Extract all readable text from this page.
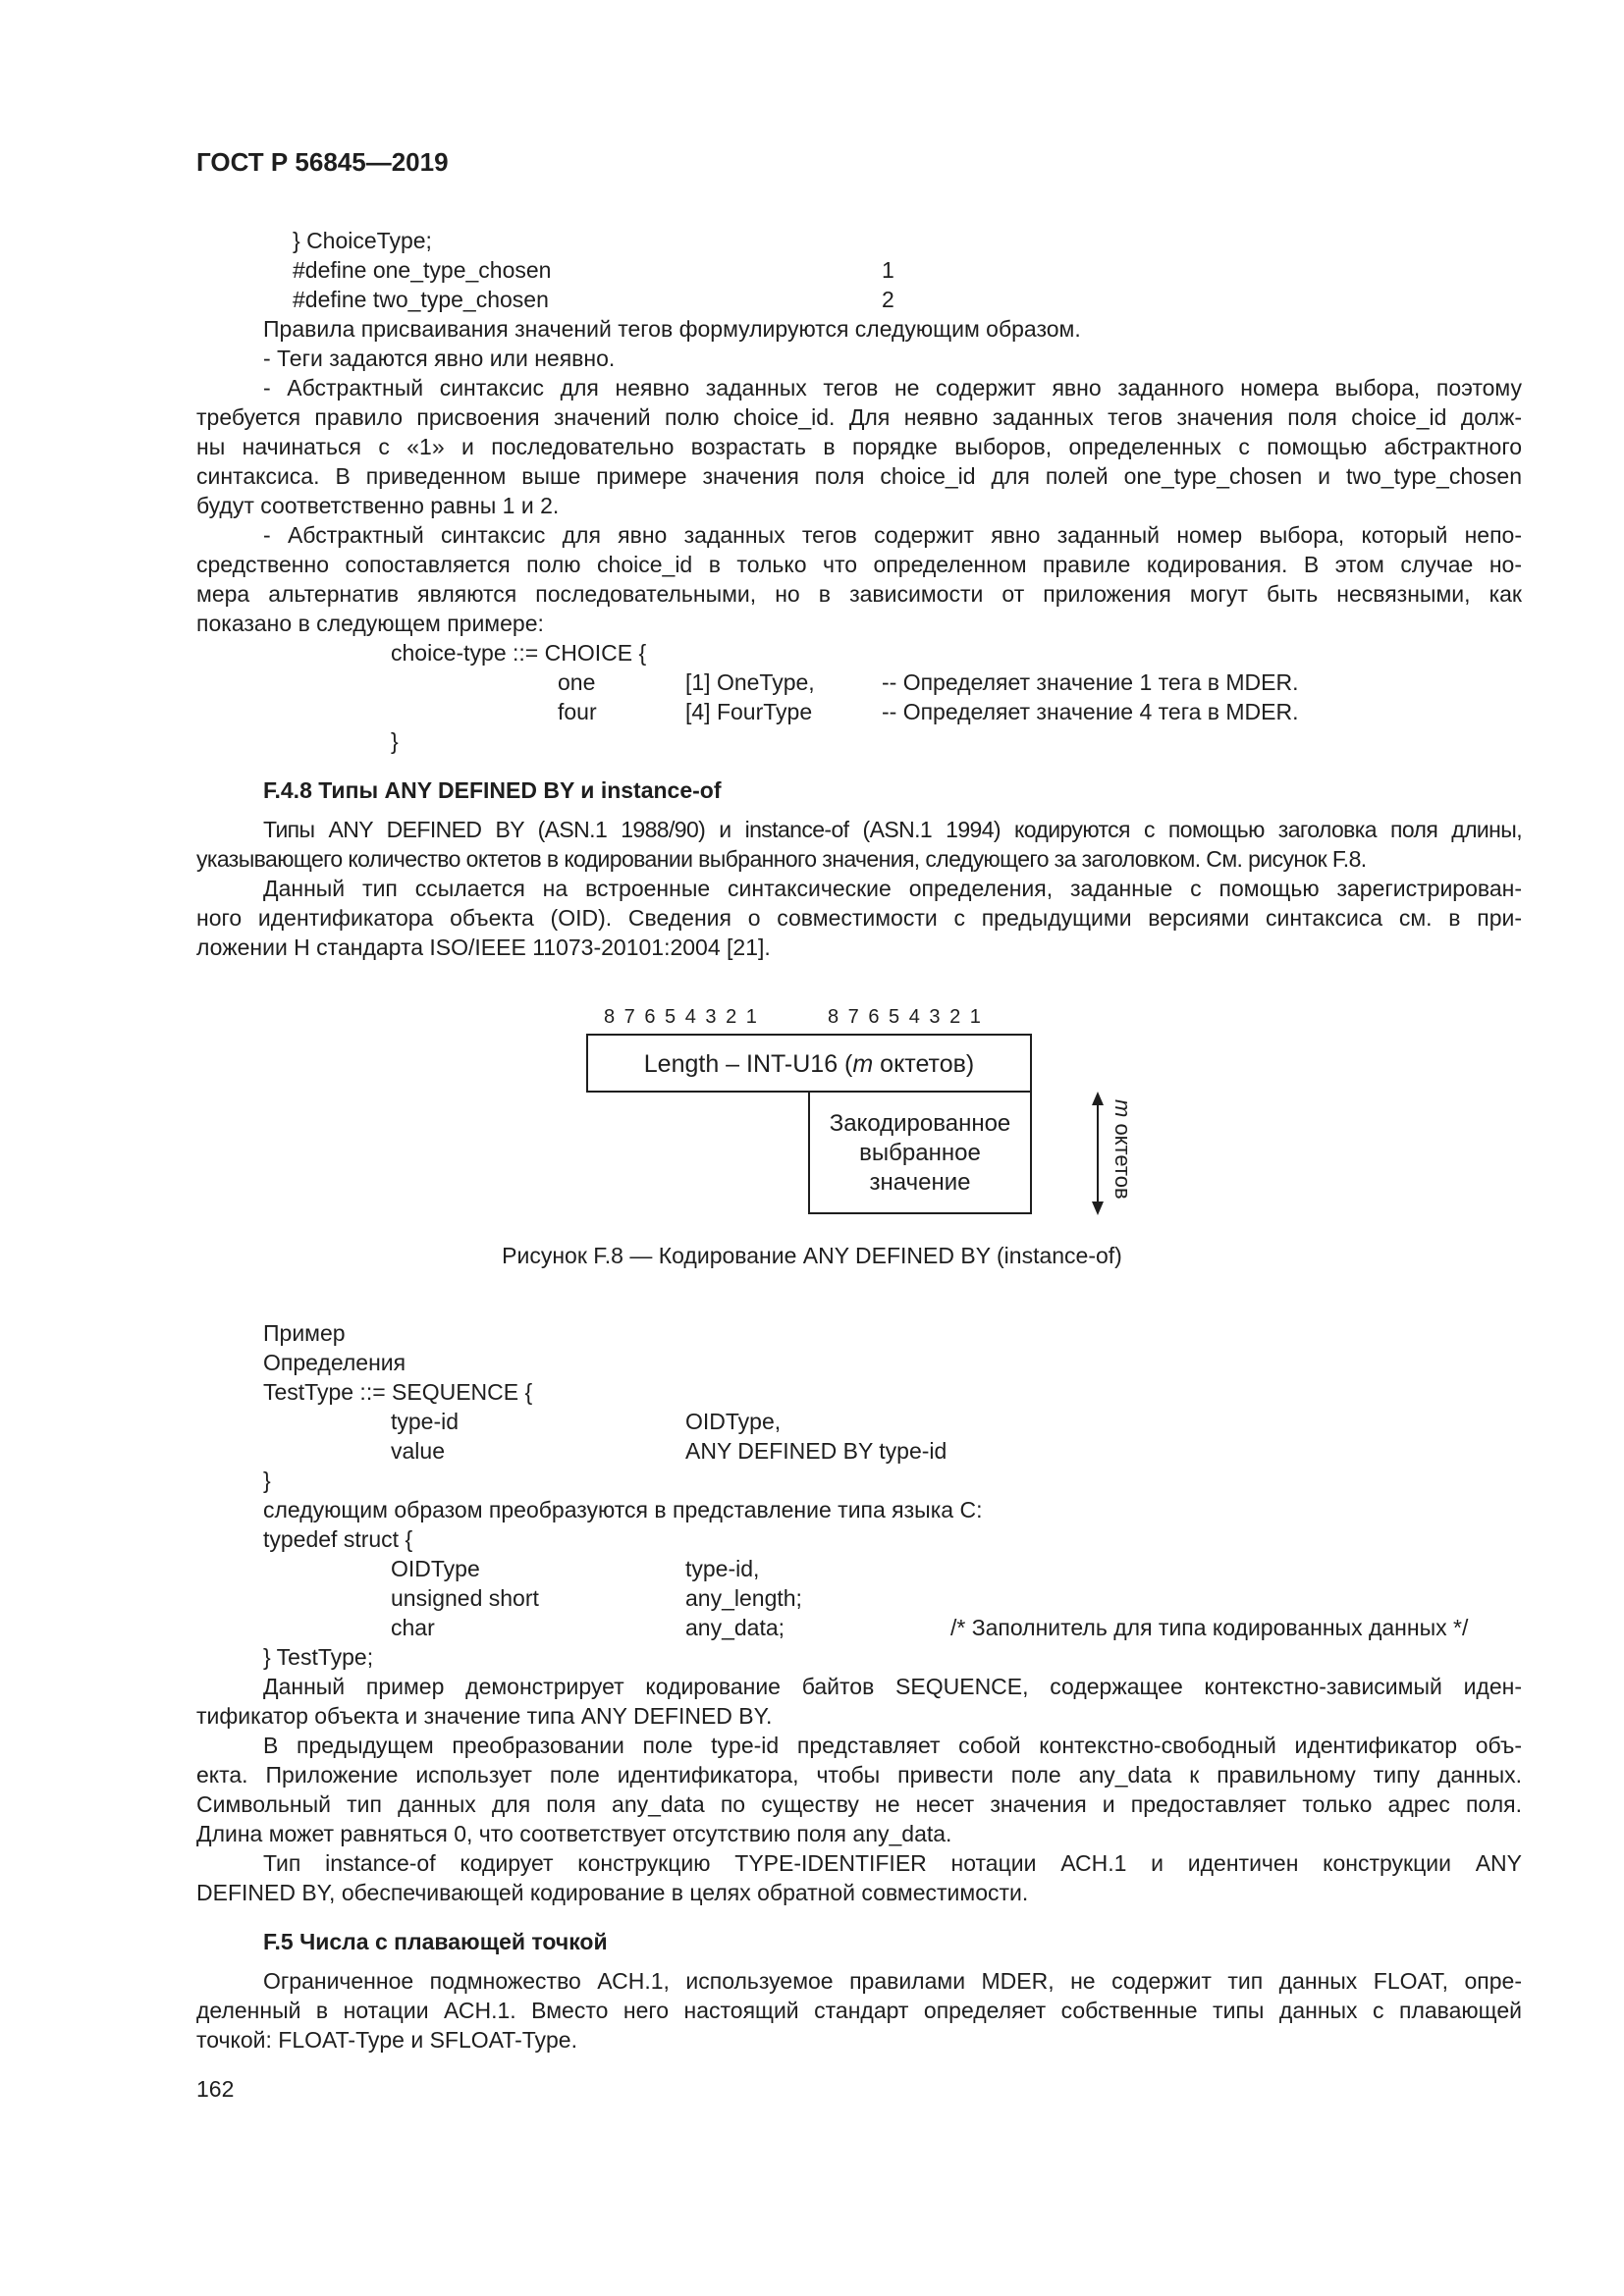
ГОСТ Р 56845—2019
} ChoiceType;
#define one_type_chosen	1
#define two_type_chosen	2
Правила присваивания значений тегов формулируются следующим образом.
- Теги задаются явно или неявно.
- Абстрактный синтаксис для неявно заданных тегов не содержит явно заданного номера выбора, поэтому
требуется правило присвоения значений полю choice_id. Для неявно заданных тегов значения поля choice_id долж-
ны начинаться с «1» и последовательно возрастать в порядке выборов, определенных с помощью абстрактного
синтаксиса. В приведенном выше примере значения поля choice_id для полей one_type_chosen и two_type_chosen
будут соответственно равны 1 и 2.
- Абстрактный синтаксис для явно заданных тегов содержит явно заданный номер выбора, который непо-
средственно сопоставляется полю choice_id в только что определенном правиле кодирования. В этом случае но-
мера альтернатив являются последовательными, но в зависимости от приложения могут быть несвязными, как
показано в следующем примере:
choice-type ::= CHOICE {
one	[1] OneType,	-- Определяет значение 1 тега в MDER.
four	[4] FourType	-- Определяет значение 4 тега в MDER.
}
F.4.8 Типы ANY DEFINED BY и instance-of
Типы ANY DEFINED BY (ASN.1 1988/90) и instance-of (ASN.1 1994) кодируются с помощью заголовка поля длины,
указывающего количество октетов в кодировании выбранного значения, следующего за заголовком. См. рисунок F.8.
Данный тип ссылается на встроенные синтаксические определения, заданные с помощью зарегистрирован-
ного идентификатора объекта (OID). Сведения о совместимости с предыдущими версиями синтаксиса см. в при-
ложении H стандарта ISO/IEEE 11073-20101:2004 [21].
8 7 6 5 4 3 2 1	8 7 6 5 4 3 2 1
Length – INT-U16 (m октетов)
Закодированное
выбранное
значение
m октетов
Рисунок F.8 — Кодирование ANY DEFINED BY (instance-of)
Пример
Определения
TestType ::= SEQUENCE {
type-id	OIDType,
value	ANY DEFINED BY type-id
}
следующим образом преобразуются в представление типа языка C:
typedef struct {
OIDType	type-id,
unsigned short	any_length;
char	any_data;	/* Заполнитель для типа кодированных данных */
} TestType;
Данный пример демонстрирует кодирование байтов SEQUENCE, содержащее контекстно-зависимый иден-
тификатор объекта и значение типа ANY DEFINED BY.
В предыдущем преобразовании поле type-id представляет собой контекстно-свободный идентификатор объ-
екта. Приложение использует поле идентификатора, чтобы привести поле any_data к правильному типу данных.
Символьный тип данных для поля any_data по существу не несет значения и предоставляет только адрес поля.
Длина может равняться 0, что соответствует отсутствию поля any_data.
Тип instance-of кодирует конструкцию TYPE-IDENTIFIER нотации АСН.1 и идентичен конструкции ANY
DEFINED BY, обеспечивающей кодирование в целях обратной совместимости.
F.5 Числа с плавающей точкой
Ограниченное подмножество АСН.1, используемое правилами MDER, не содержит тип данных FLOAT, опре-
деленный в нотации АСН.1. Вместо него настоящий стандарт определяет собственные типы данных с плавающей
точкой: FLOAT-Type и SFLOAT-Type.
162
